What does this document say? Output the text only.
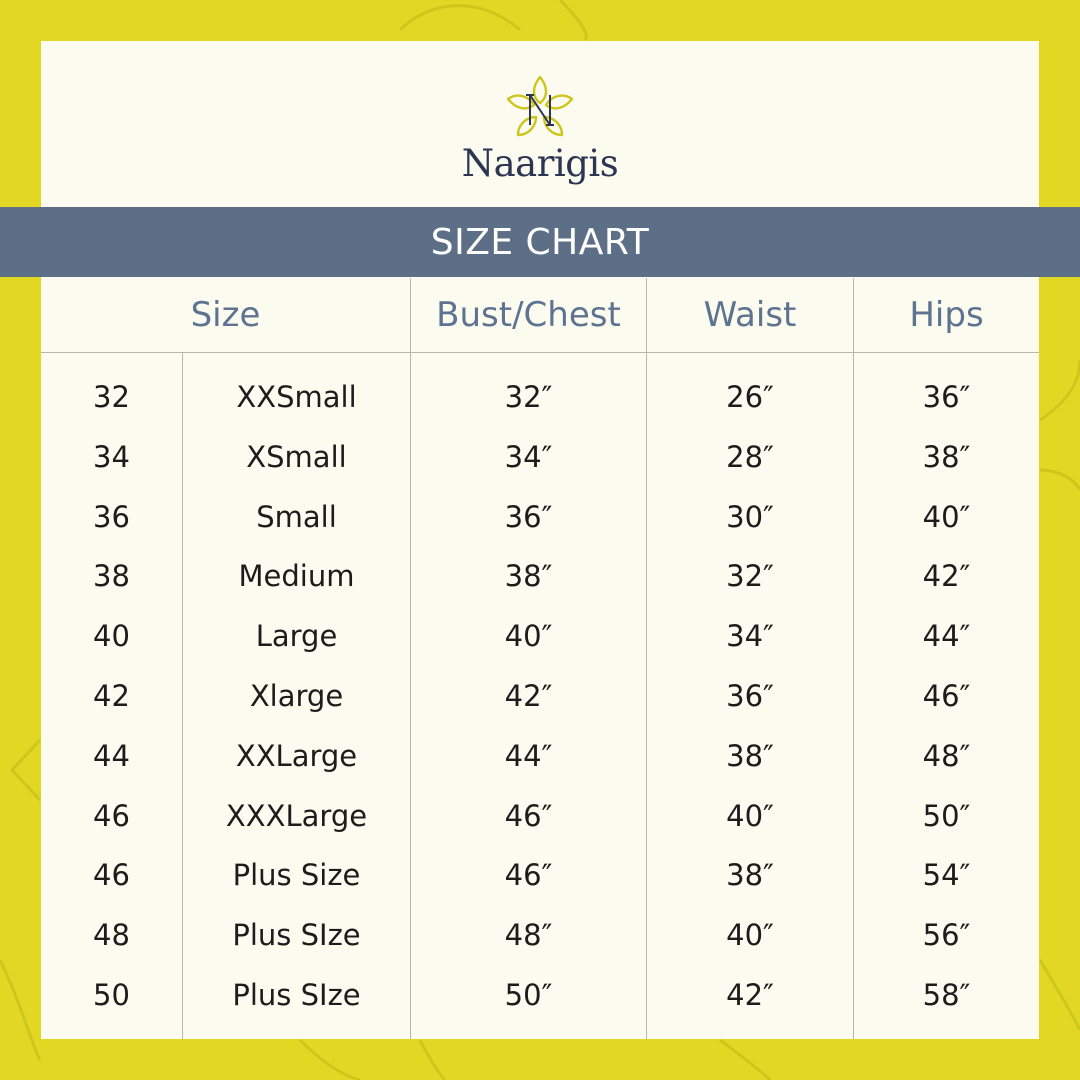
Naarigis
SIZE CHART
Size	Bust/Chest	Waist	Hips
32	XXSmall	32″	26″	36″
34	XSmall	34″	28″	38″
36	Small	36″	30″	40″
38	Medium	38″	32″	42″
40	Large	40″	34″	44″
42	Xlarge	42″	36″	46″
44	XXLarge	44″	38″	48″
46	XXXLarge	46″	40″	50″
46	Plus Size	46″	38″	54″
48	Plus SIze	48″	40″	56″
50	Plus SIze	50″	42″	58″
